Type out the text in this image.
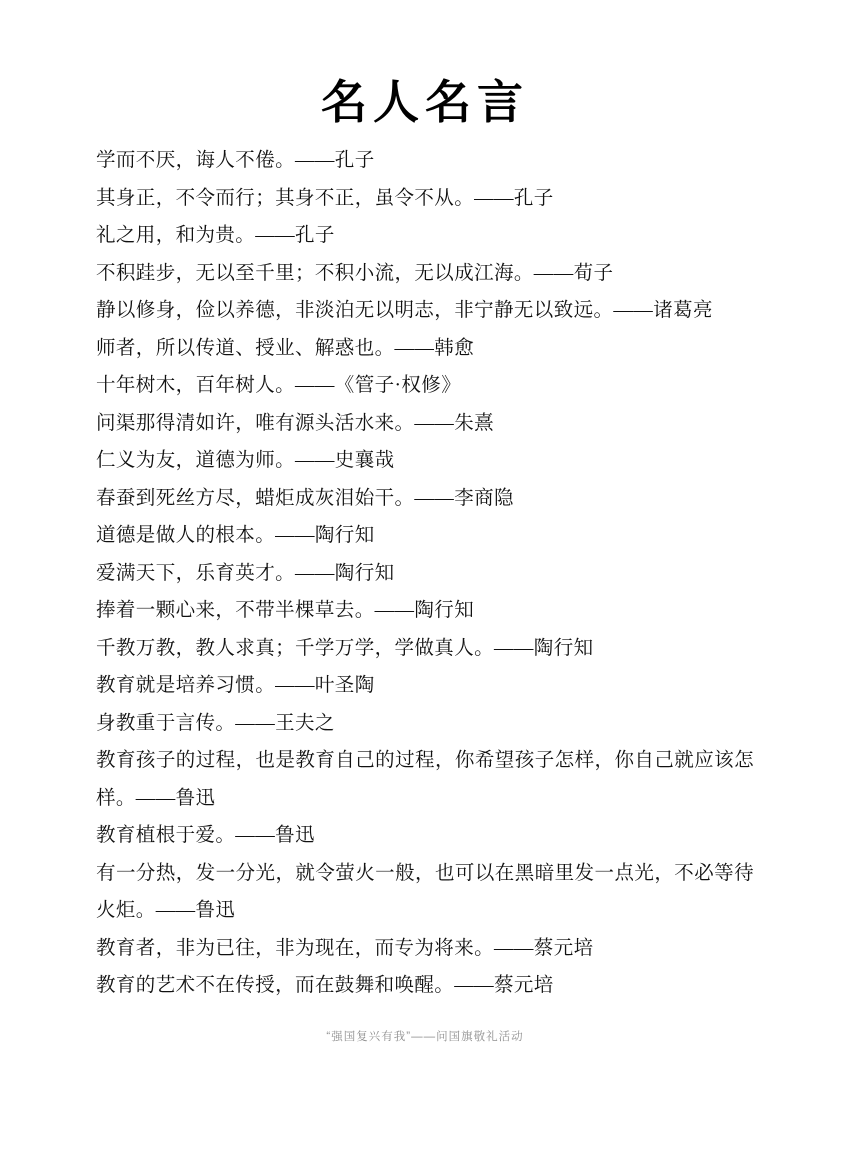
名人名言

学而不厌，诲人不倦。——孔子

其身正，不令而行；其身不正，虽令不从。——孔子

礼之用，和为贵。——孔子

不积跬步，无以至千里；不积小流，无以成江海。——荀子

静以修身，俭以养德，非淡泊无以明志，非宁静无以致远。——诸葛亮

师者，所以传道、授业、解惑也。——韩愈

十年树木，百年树人。——《管子·权修》

问渠那得清如许，唯有源头活水来。——朱熹

仁义为友，道德为师。——史襄哉

春蚕到死丝方尽，蜡炬成灰泪始干。——李商隐

道德是做人的根本。——陶行知

爱满天下，乐育英才。——陶行知

捧着一颗心来，不带半棵草去。——陶行知

千教万教，教人求真；千学万学，学做真人。——陶行知

教育就是培养习惯。——叶圣陶

身教重于言传。——王夫之

教育孩子的过程，也是教育自己的过程，你希望孩子怎样，你自己就应该怎样。——鲁迅

教育植根于爱。——鲁迅

有一分热，发一分光，就令萤火一般，也可以在黑暗里发一点光，不必等待火炬。——鲁迅

教育者，非为已往，非为现在，而专为将来。——蔡元培

教育的艺术不在传授，而在鼓舞和唤醒。——蔡元培

“强国复兴有我”——问国旗敬礼活动
